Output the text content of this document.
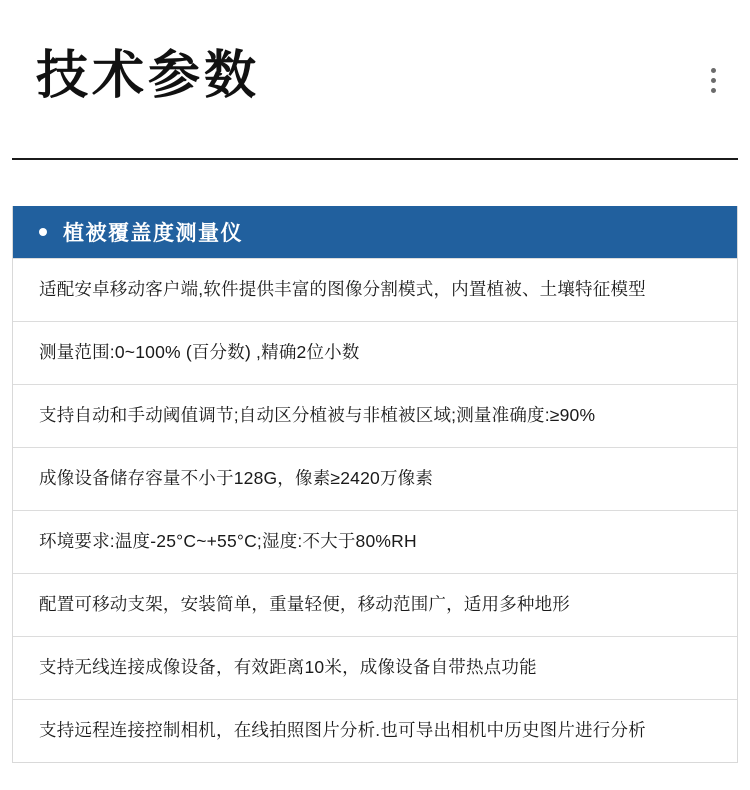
技术参数
植被覆盖度测量仪
适配安卓移动客户端,软件提供丰富的图像分割模式，内置植被、土壤特征模型
测量范围:0~100% (百分数) ,精确2位小数
支持自动和手动阈值调节;自动区分植被与非植被区域;测量准确度:≥90%
成像设备储存容量不小于128G，像素≥2420万像素
环境要求:温度-25°C~+55°C;湿度:不大于80%RH
配置可移动支架，安装简单，重量轻便，移动范围广，适用多种地形
支持无线连接成像设备，有效距离10米，成像设备自带热点功能
支持远程连接控制相机，在线拍照图片分析.也可导出相机中历史图片进行分析
